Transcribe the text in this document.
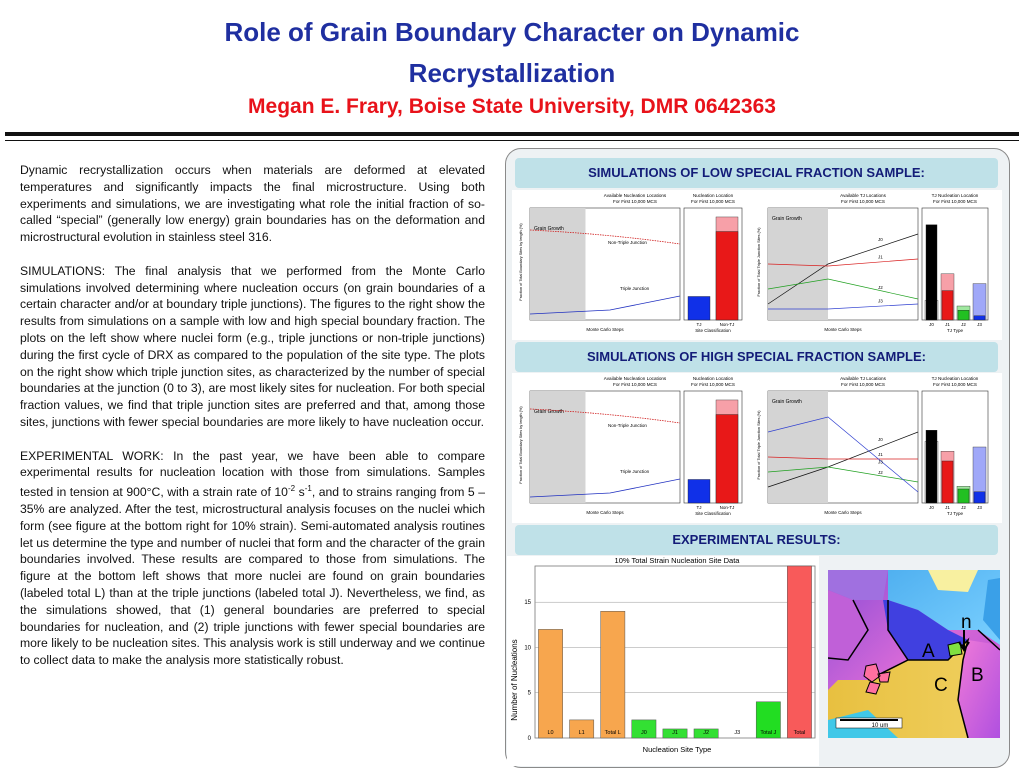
Role of Grain Boundary Character on Dynamic
Recrystallization
Megan E. Frary, Boise State University, DMR 0642363

Dynamic recrystallization occurs when materials are deformed at elevated temperatures and significantly impacts the final microstructure. Using both experiments and simulations, we are investigating what role the initial fraction of so-called “special” (generally low energy) grain boundaries has on the deformation and microstructural evolution in stainless steel 316.

SIMULATIONS: The final analysis that we performed from the Monte Carlo simulations involved determining where nucleation occurs (on grain boundaries of a certain character and/or at boundary triple junctions). The figures to the right show the results from simulations on a sample with low and high special boundary fraction. The plots on the left show where nuclei form (e.g., triple junctions or non-triple junctions) during the first cycle of DRX as compared to the population of the site type. The plots on the right show which triple junction sites, as characterized by the number of special boundaries at the junction (0 to 3), are most likely sites for nucleation. For both special fraction values, we find that triple junction sites are preferred and that, among those sites, junctions with fewer special boundaries are more likely to have nucleation occur.

EXPERIMENTAL WORK: In the past year, we have been able to compare experimental results for nucleation location with those from simulations. Samples tested in tension at 900°C, with a strain rate of $10^{-2}$ $s^{-1}$, and to strains ranging from 5 – 35% are analyzed. After the test, microstructural analysis focuses on the nuclei which form (see figure at the bottom right for 10% strain). Semi-automated analysis routines let us determine the type and number of nuclei that form and the character of the grain boundaries involved. These results are compared to those from simulations. The figure at the bottom left shows that more nuclei are found on grain boundaries (labeled total L) than at the triple junctions (labeled total J). Nevertheless, we find, as the simulations showed, that (1) general boundaries are preferred to special boundaries for nucleation, and (2) triple junctions with fewer special boundaries are more likely to be nucleation sites. This analysis work is still underway and we continue to collect data to make the analysis more statistically robust.

SIMULATIONS OF LOW SPECIAL FRACTION SAMPLE:
SIMULATIONS OF HIGH SPECIAL FRACTION SAMPLE:
EXPERIMENTAL RESULTS:
Available Nucleation Locations
For First 10,000 MCS
Grain Growth
Non-Triple Junction
Triple Junction
Monte Carlo Steps
Fraction of Total Boundary Sites by length (%)
Nucleation Location
For First 10,000 MCS
TJ	Non-TJ
Site Classification
Available TJ Locations
For First 10,000 MCS
Grain Growth
J0
J1
J2
J3
Monte Carlo Steps
Fraction of Total Triple Junction Sites (%)
TJ Nucleation Location
For First 10,000 MCS
J0 J1 J2 J3
TJ Type
Available Nucleation Locations
For First 10,000 MCS
Grain Growth
Non-Triple Junction
Triple Junction
Monte Carlo Steps
Fraction of Total Boundary Sites by length (%)
Nucleation Location
For First 10,000 MCS
TJ	Non-TJ
Site Classification
Available TJ Locations
For First 10,000 MCS
Grain Growth
J0
J1
J2
J3
Monte Carlo Steps
Fraction of Total Triple Junction Sites (%)
TJ Nucleation Location
For First 10,000 MCS
J0 J1 J2 J3
TJ Type
10% Total Strain Nucleation Site Data
Number of Nucleations
Nucleation Site Type
0
5
10
15
L0	L1	Total L	J0	J1	J2	J3	Total J	Total
10 um
n
A
B
C
